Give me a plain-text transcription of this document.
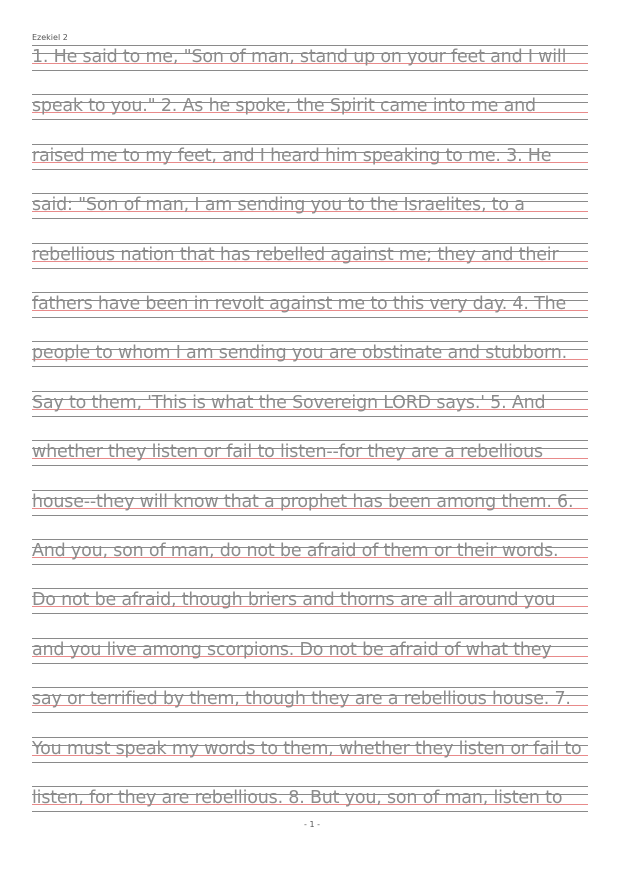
Ezekiel 2
1. He said to me, "Son of man, stand up on your feet and I will
speak to you." 2. As he spoke, the Spirit came into me and
raised me to my feet, and I heard him speaking to me. 3. He
said: "Son of man, I am sending you to the Israelites, to a
rebellious nation that has rebelled against me; they and their
fathers have been in revolt against me to this very day. 4. The
people to whom I am sending you are obstinate and stubborn.
Say to them, 'This is what the Sovereign LORD says.' 5. And
whether they listen or fail to listen--for they are a rebellious
house--they will know that a prophet has been among them. 6.
And you, son of man, do not be afraid of them or their words.
Do not be afraid, though briers and thorns are all around you
and you live among scorpions. Do not be afraid of what they
say or terrified by them, though they are a rebellious house. 7.
You must speak my words to them, whether they listen or fail to
listen, for they are rebellious. 8. But you, son of man, listen to
- 1 -
